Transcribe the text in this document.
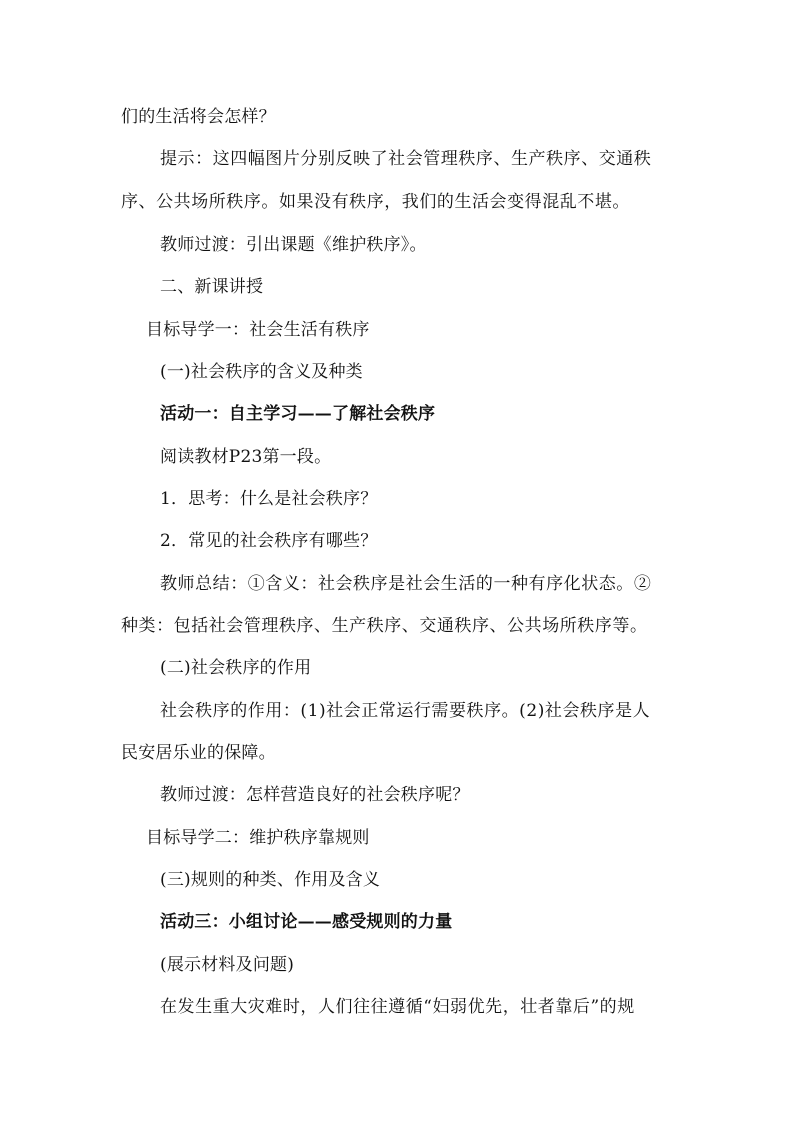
们的生活将会怎样？
提示：这四幅图片分别反映了社会管理秩序、生产秩序、交通秩
序、公共场所秩序。如果没有秩序，我们的生活会变得混乱不堪。
教师过渡：引出课题《维护秩序》。
二、新课讲授
目标导学一：社会生活有秩序
(一)社会秩序的含义及种类
活动一：自主学习——了解社会秩序
阅读教材P23第一段。
1．思考：什么是社会秩序？
2．常见的社会秩序有哪些？
教师总结：①含义：社会秩序是社会生活的一种有序化状态。②
种类：包括社会管理秩序、生产秩序、交通秩序、公共场所秩序等。
(二)社会秩序的作用
社会秩序的作用：(1)社会正常运行需要秩序。(2)社会秩序是人
民安居乐业的保障。
教师过渡：怎样营造良好的社会秩序呢？
目标导学二：维护秩序靠规则
(三)规则的种类、作用及含义
活动三：小组讨论——感受规则的力量
(展示材料及问题)
在发生重大灾难时，人们往往遵循“妇弱优先，壮者靠后”的规
